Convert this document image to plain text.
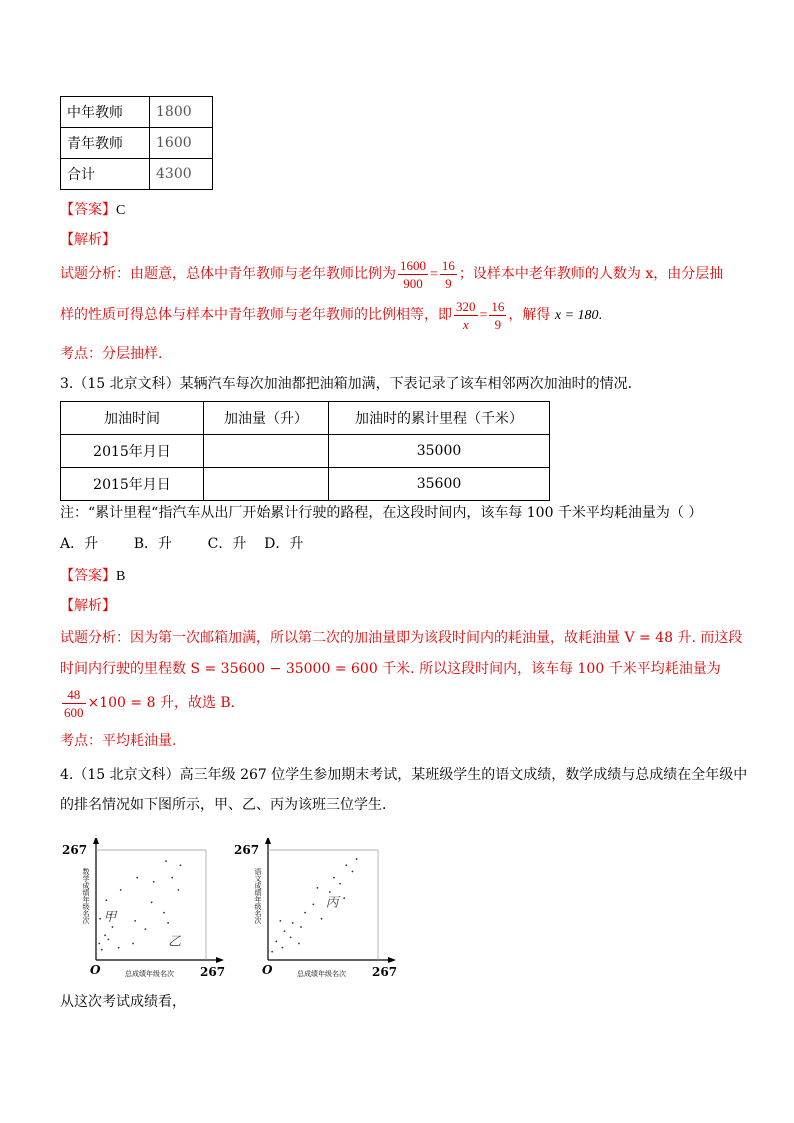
中年教师	1800
青年教师	1600
合计	4300
【答案】C
【解析】
试题分析：由题意，总体中青年教师与老年教师比例为 $\frac{1600}{900} = \frac{16}{9}$ ；设样本中老年教师的人数为 x，由分层抽
样的性质可得总体与样本中青年教师与老年教师的比例相等，即 $\frac{320}{x} = \frac{16}{9}$ ，解得 x = 180.
考点：分层抽样.
3.（15 北京文科）某辆汽车每次加油都把油箱加满，下表记录了该车相邻两次加油时的情况．
加油时间	加油量（升）	加油时的累计里程（千米）
2015年月日		35000
2015年月日		35600
注：“累计里程“指汽车从出厂开始累计行驶的路程，在这段时间内，该车每 100 千米平均耗油量为（ ）
A．升        B．升        C．升    D．升
【答案】B
【解析】
试题分析：因为第一次邮箱加满，所以第二次的加油量即为该段时间内的耗油量，故耗油量 V = 48 升. 而这段
时间内行驶的里程数 S = 35600 − 35000 = 600 千米. 所以这段时间内，该车每 100 千米平均耗油量为
$\frac{48}{600} \times 100 = 8$ 升，故选 B.
考点：平均耗油量.
4.（15 北京文科）高三年级 267 位学生参加期末考试，某班级学生的语文成绩，数学成绩与总成绩在全年级中
的排名情况如下图所示，甲、乙、丙为该班三位学生．
267
267
O	总成绩年级名次
数学成绩年级名次 甲
乙
267
267
O	总成绩年级名次
语文成绩年级名次	丙
从这次考试成绩看，
